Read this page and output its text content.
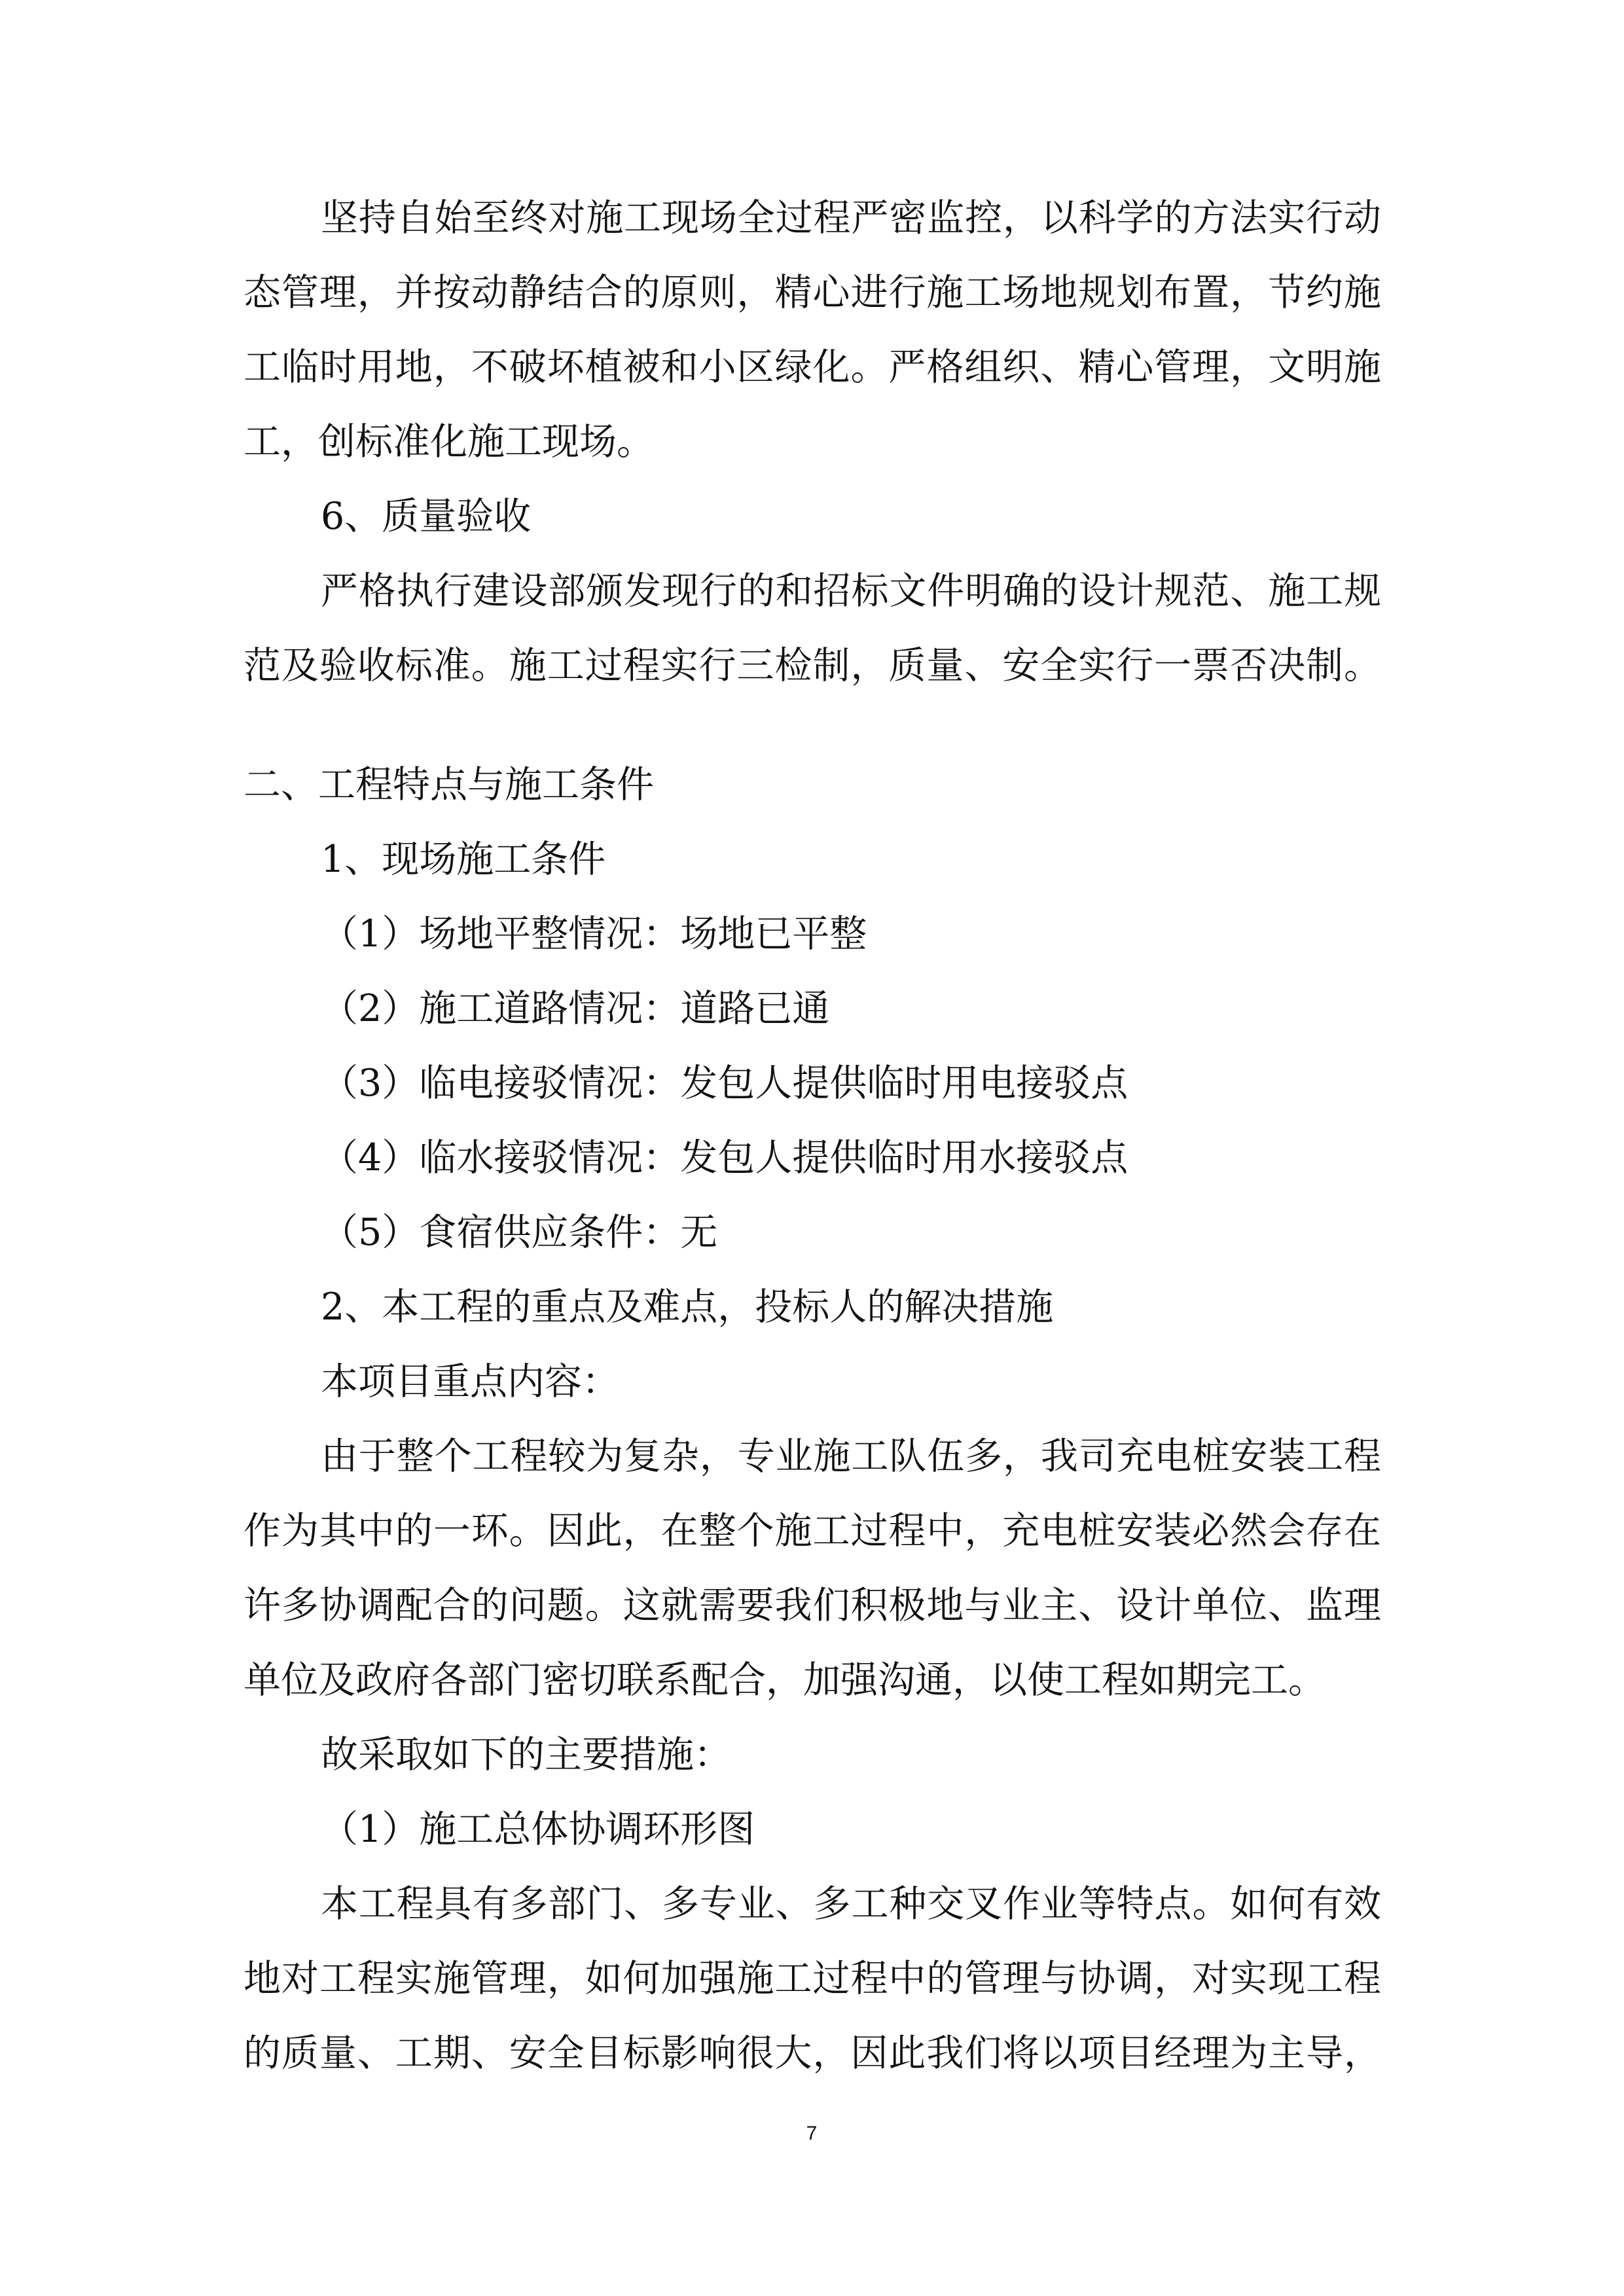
坚持自始至终对施工现场全过程严密监控，以科学的方法实行动

态管理，并按动静结合的原则，精心进行施工场地规划布置，节约施

工临时用地，不破坏植被和小区绿化。严格组织、精心管理，文明施

工，创标准化施工现场。

6、质量验收

严格执行建设部颁发现行的和招标文件明确的设计规范、施工规

范及验收标准。施工过程实行三检制，质量、安全实行一票否决制。

二、工程特点与施工条件

1、现场施工条件

（1）场地平整情况：场地已平整

（2）施工道路情况：道路已通

（3）临电接驳情况：发包人提供临时用电接驳点

（4）临水接驳情况：发包人提供临时用水接驳点

（5）食宿供应条件：无

2、本工程的重点及难点，投标人的解决措施

本项目重点内容：

由于整个工程较为复杂，专业施工队伍多，我司充电桩安装工程

作为其中的一环。因此，在整个施工过程中，充电桩安装必然会存在

许多协调配合的问题。这就需要我们积极地与业主、设计单位、监理

单位及政府各部门密切联系配合，加强沟通，以使工程如期完工。

故采取如下的主要措施：

（1）施工总体协调环形图

本工程具有多部门、多专业、多工种交叉作业等特点。如何有效

地对工程实施管理，如何加强施工过程中的管理与协调，对实现工程

的质量、工期、安全目标影响很大，因此我们将以项目经理为主导，

7
